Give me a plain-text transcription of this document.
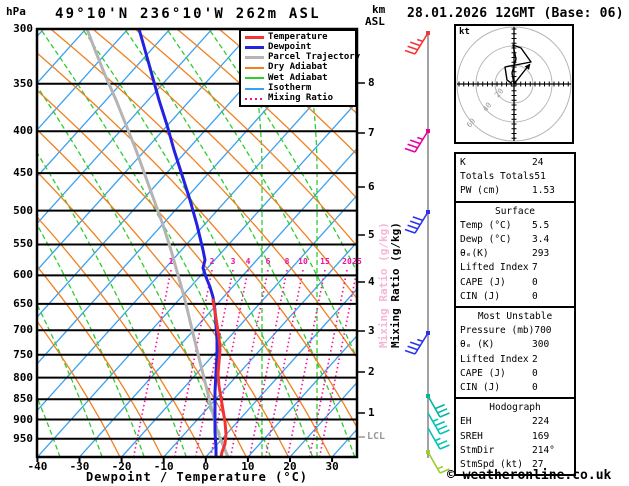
20
40
60
hPa 49°10'N 236°10'W 262m ASL	km
ASL
28.01.2026 12GMT (Base: 06)
Temperature
Dewpoint
Parcel Trajectory
Dry Adiabat
Wet Adiabat
Isotherm
Mixing Ratio
300
350
400
450
500
550
600
650
700
750
800
850
900
950
-40	-30	-20	-10	0	10	20	30
8
7
6
5
4
3
2
1
1	2	3	4	6	8	10	15	20 25
Dewpoint / Temperature (°C)
LCL
Mixing Ratio (g/kg) Mixing Ratio (g/kg)
kt
K	24
Totals Totals 51
PW (cm)	1.53
Surface
Temp (°C)	5.5
Dewp (°C)	3.4
θₑ(K)	293
Lifted Index 7
CAPE (J)	0
CIN (J)	0
Most Unstable
Pressure (mb) 700
θₑ (K)	300
Lifted Index 2
CAPE (J)	0
CIN (J)	0
Hodograph
EH	224
SREH	169
StmDir	214°
StmSpd (kt) 27
© weatheronline.co.uk
